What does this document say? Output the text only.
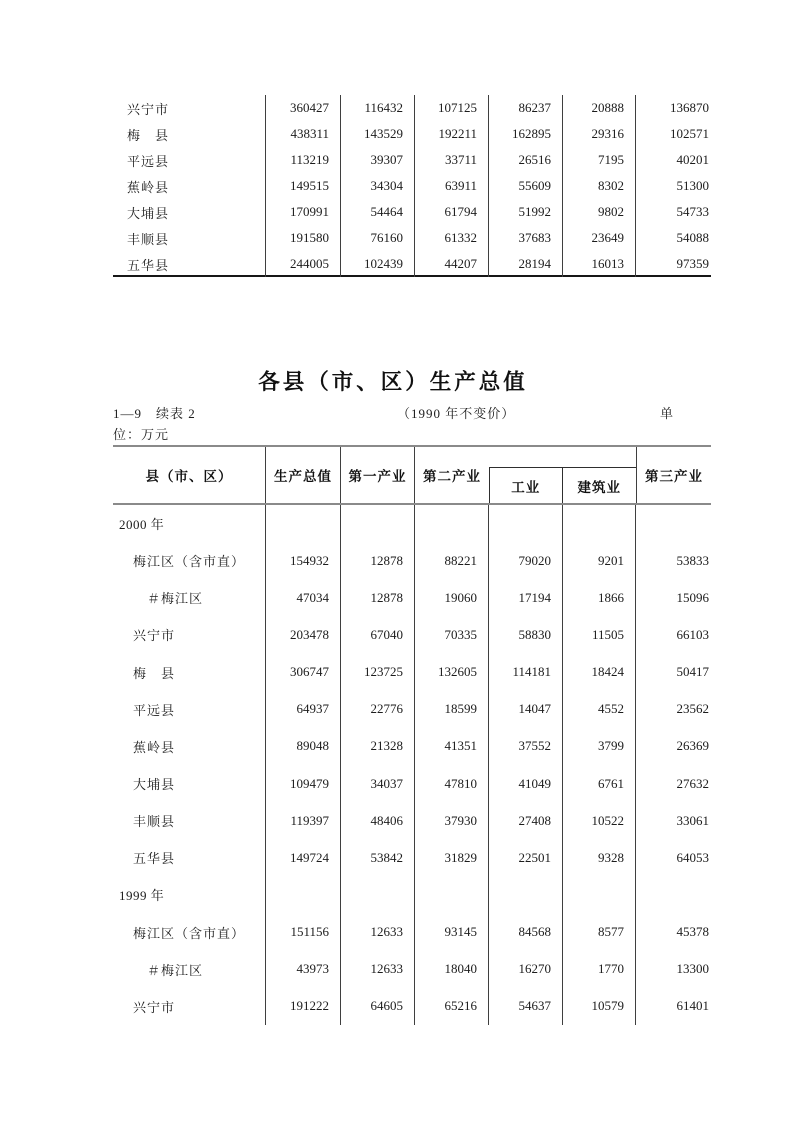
兴宁市	360427	116432	107125	86237	20888	136870
梅　县	438311	143529	192211	162895	29316	102571
平远县	113219	39307	33711	26516	7195	40201
蕉岭县	149515	34304	63911	55609	8302	51300
大埔县	170991	54464	61794	51992	9802	54733
丰顺县	191580	76160	61332	37683	23649	54088
五华县	244005	102439	44207	28194	16013	97359
各县（市、区）生产总值
1—9　续表 2	（1990 年不变价）	单
位：万元
县（市、区）	生产总值	第一产业	第二产业
工业	建筑业
第三产业
2000 年
梅江区（含市直）	154932	12878	88221	79020	9201	53833
＃梅江区	47034	12878	19060	17194	1866	15096
兴宁市	203478	67040	70335	58830	11505	66103
梅　县	306747	123725	132605	114181	18424	50417
平远县	64937	22776	18599	14047	4552	23562
蕉岭县	89048	21328	41351	37552	3799	26369
大埔县	109479	34037	47810	41049	6761	27632
丰顺县	119397	48406	37930	27408	10522	33061
五华县	149724	53842	31829	22501	9328	64053
1999 年
梅江区（含市直）	151156	12633	93145	84568	8577	45378
＃梅江区	43973	12633	18040	16270	1770	13300
兴宁市	191222	64605	65216	54637	10579	61401
